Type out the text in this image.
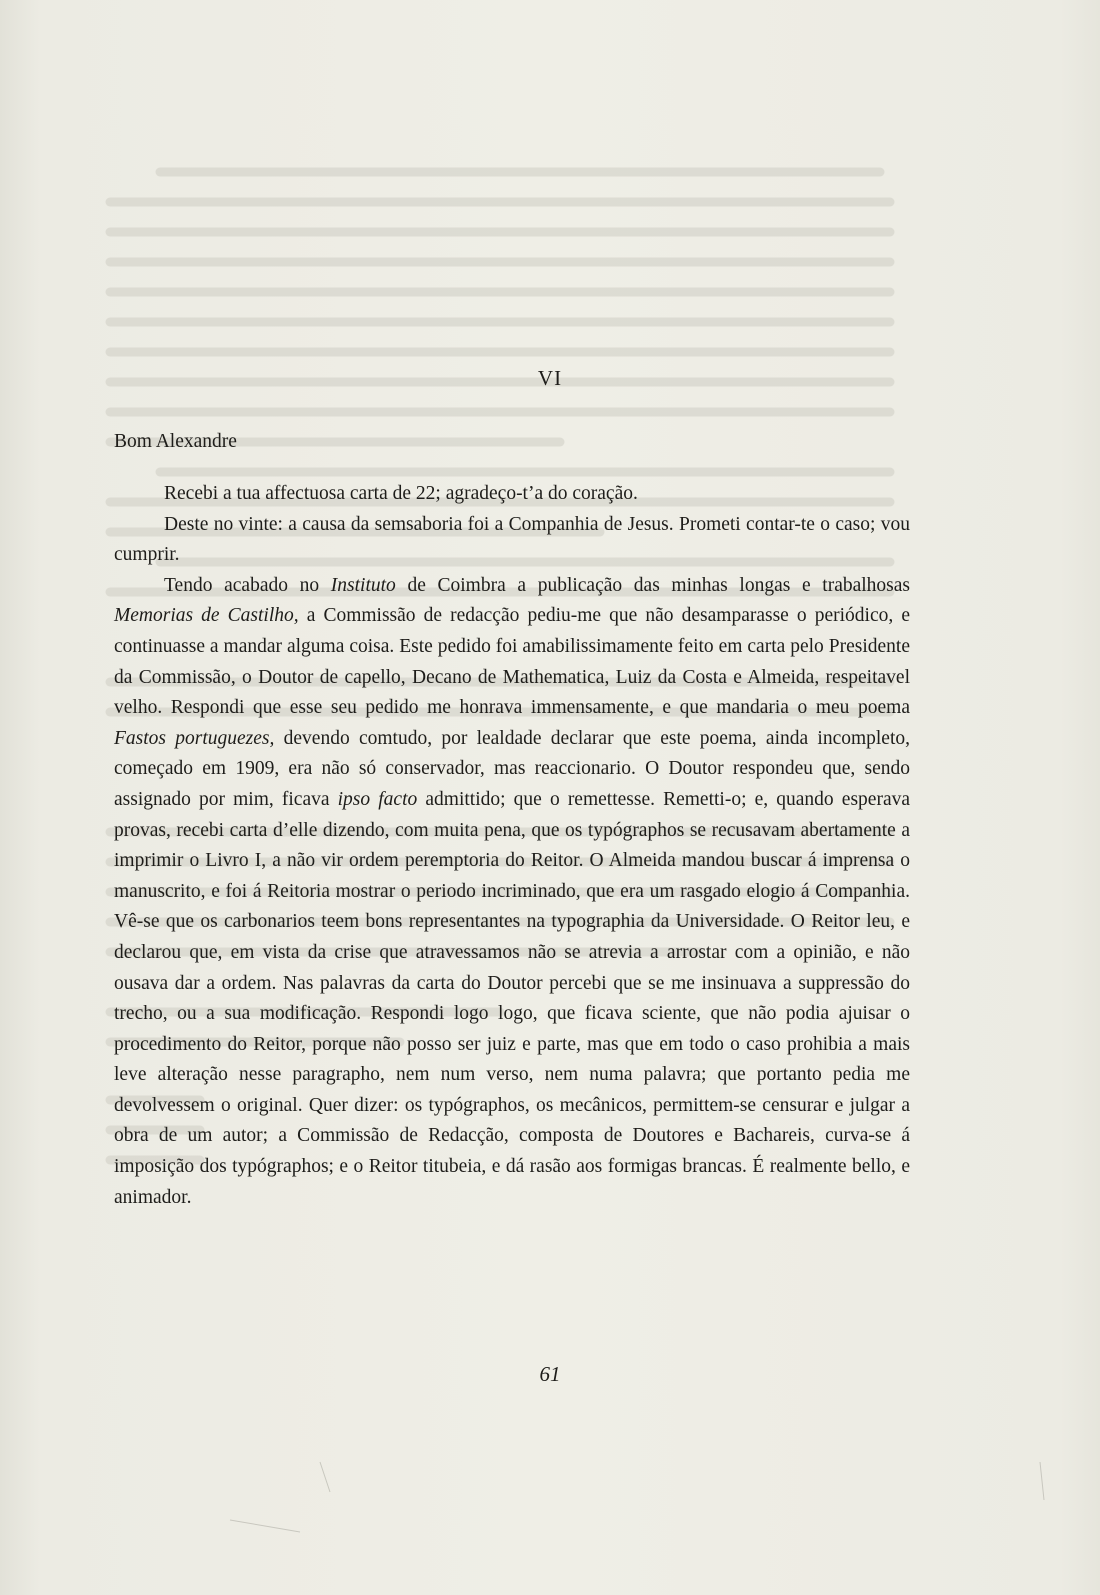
VI
Bom Alexandre

Recebi a tua affectuosa carta de 22; agradeço-t’a do coração.

Deste no vinte: a causa da semsaboria foi a Companhia de Jesus. Prometi contar-te o caso; vou cumprir.

Tendo acabado no Instituto de Coimbra a publicação das minhas longas e trabalhosas Memorias de Castilho, a Commissão de redacção pediu-me que não desamparasse o periódico, e continuasse a mandar alguma coisa. Este pedido foi amabilissimamente feito em carta pelo Presidente da Commissão, o Doutor de capello, Decano de Mathematica, Luiz da Costa e Almeida, respeitavel velho. Respondi que esse seu pedido me honrava immensamente, e que mandaria o meu poema Fastos portuguezes, devendo comtudo, por lealdade declarar que este poema, ainda incompleto, começado em 1909, era não só conservador, mas reaccionario. O Doutor respondeu que, sendo assignado por mim, ficava ipso facto admittido; que o remettesse. Remetti-o; e, quando esperava provas, recebi carta d’elle dizendo, com muita pena, que os typógraphos se recusavam abertamente a imprimir o Livro I, a não vir ordem peremptoria do Reitor. O Almeida mandou buscar á imprensa o manuscrito, e foi á Reitoria mostrar o periodo incriminado, que era um rasgado elogio á Companhia. Vê-se que os carbonarios teem bons representantes na typographia da Universidade. O Reitor leu, e declarou que, em vista da crise que atravessamos não se atrevia a arrostar com a opinião, e não ousava dar a ordem. Nas palavras da carta do Doutor percebi que se me insinuava a suppressão do trecho, ou a sua modificação. Respondi logo logo, que ficava sciente, que não podia ajuisar o procedimento do Reitor, porque não posso ser juiz e parte, mas que em todo o caso prohibia a mais leve alteração nesse paragrapho, nem num verso, nem numa palavra; que portanto pedia me devolvessem o original. Quer dizer: os typógraphos, os mecânicos, permittem-se censurar e julgar a obra de um autor; a Commissão de Redacção, composta de Doutores e Bachareis, curva-se á imposição dos typógraphos; e o Reitor titubeia, e dá rasão aos formigas brancas. É realmente bello, e animador.

61
